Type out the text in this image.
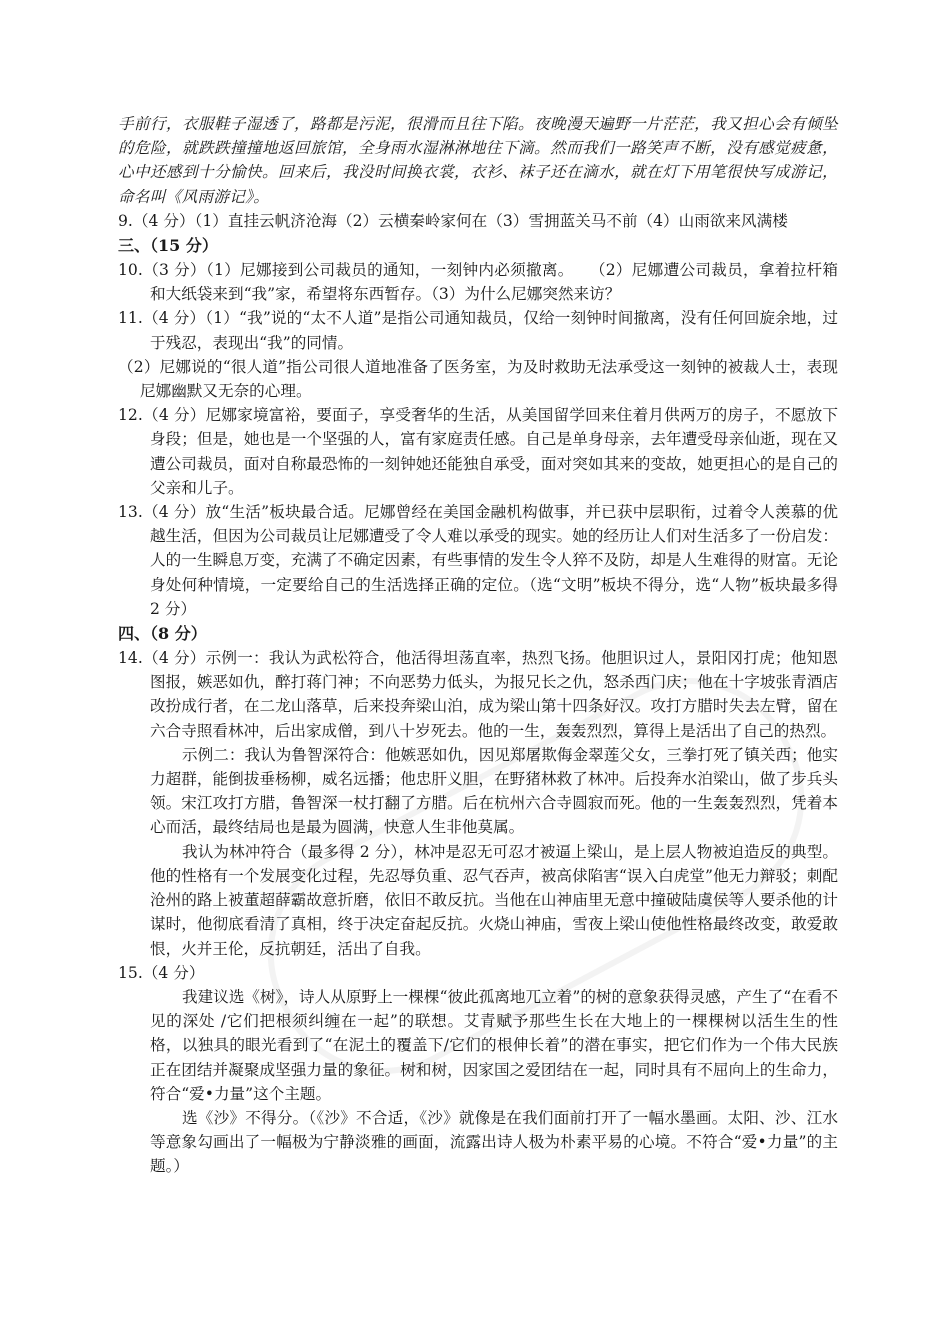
手前行，衣服鞋子湿透了，路都是污泥，很滑而且往下陷。夜晚漫天遍野一片茫茫，我又担心会有倾坠的危险，就跌跌撞撞地返回旅馆，全身雨水湿淋淋地往下滴。然而我们一路笑声不断，没有感觉疲惫，心中还感到十分愉快。回来后，我没时间换衣裳，衣衫、袜子还在滴水，就在灯下用笔很快写成游记，命名叫《风雨游记》。

9.（4 分）（1）直挂云帆济沧海（2）云横秦岭家何在（3）雪拥蓝关马不前（4）山雨欲来风满楼

三、（15 分）

10.（3 分）（1）尼娜接到公司裁员的通知，一刻钟内必须撤离。　　（2）尼娜遭公司裁员，拿着拉杆箱和大纸袋来到“我”家，希望将东西暂存。（3）为什么尼娜突然来访？

11.（4 分）（1）“我”说的“太不人道”是指公司通知裁员，仅给一刻钟时间撤离，没有任何回旋余地，过于残忍，表现出“我”的同情。

（2）尼娜说的“很人道”指公司很人道地准备了医务室，为及时救助无法承受这一刻钟的被裁人士，表现尼娜幽默又无奈的心理。

12.（4 分）尼娜家境富裕，要面子，享受奢华的生活，从美国留学回来住着月供两万的房子，不愿放下身段；但是，她也是一个坚强的人，富有家庭责任感。自己是单身母亲，去年遭受母亲仙逝，现在又遭公司裁员，面对自称最恐怖的一刻钟她还能独自承受，面对突如其来的变故，她更担心的是自己的父亲和儿子。

13.（4 分）放“生活”板块最合适。尼娜曾经在美国金融机构做事，并已获中层职衔，过着令人羡慕的优越生活，但因为公司裁员让尼娜遭受了令人难以承受的现实。她的经历让人们对生活多了一份启发：人的一生瞬息万变，充满了不确定因素，有些事情的发生令人猝不及防，却是人生难得的财富。无论身处何种情境，一定要给自己的生活选择正确的定位。（选“文明”板块不得分，选“人物”板块最多得 2 分）

四、（8 分）

14.（4 分）示例一：我认为武松符合，他活得坦荡直率，热烈飞扬。他胆识过人，景阳冈打虎；他知恩图报，嫉恶如仇，醉打蒋门神；不向恶势力低头，为报兄长之仇，怒杀西门庆；他在十字坡张青酒店改扮成行者，在二龙山落草，后来投奔梁山泊，成为梁山第十四条好汉。攻打方腊时失去左臂，留在六合寺照看林冲，后出家成僧，到八十岁死去。他的一生，轰轰烈烈，算得上是活出了自己的热烈。

示例二：我认为鲁智深符合：他嫉恶如仇，因见郑屠欺侮金翠莲父女，三拳打死了镇关西；他实力超群，能倒拔垂杨柳，威名远播；他忠肝义胆，在野猪林救了林冲。后投奔水泊梁山，做了步兵头领。宋江攻打方腊，鲁智深一杖打翻了方腊。后在杭州六合寺圆寂而死。他的一生轰轰烈烈，凭着本心而活，最终结局也是最为圆满，快意人生非他莫属。

我认为林冲符合（最多得 2 分），林冲是忍无可忍才被逼上梁山，是上层人物被迫造反的典型。他的性格有一个发展变化过程，先忍辱负重、忍气吞声，被高俅陷害“误入白虎堂”他无力辩驳；刺配沧州的路上被董超薛霸故意折磨，依旧不敢反抗。当他在山神庙里无意中撞破陆虞侯等人要杀他的计谋时，他彻底看清了真相，终于决定奋起反抗。火烧山神庙，雪夜上梁山使他性格最终改变，敢爱敢恨，火并王伦，反抗朝廷，活出了自我。

15.（4 分）

我建议选《树》，诗人从原野上一棵棵“彼此孤离地兀立着”的树的意象获得灵感，产生了“在看不见的深处 /它们把根须纠缠在一起”的联想。艾青赋予那些生长在大地上的一棵棵树以活生生的性格，以独具的眼光看到了“在泥土的覆盖下/它们的根伸长着”的潜在事实，把它们作为一个伟大民族正在团结并凝聚成坚强力量的象征。树和树，因家国之爱团结在一起，同时具有不屈向上的生命力，符合“爱•力量”这个主题。

选《沙》不得分。（《沙》不合适，《沙》就像是在我们面前打开了一幅水墨画。太阳、沙、江水等意象勾画出了一幅极为宁静淡雅的画面，流露出诗人极为朴素平易的心境。不符合“爱•力量”的主题。）
